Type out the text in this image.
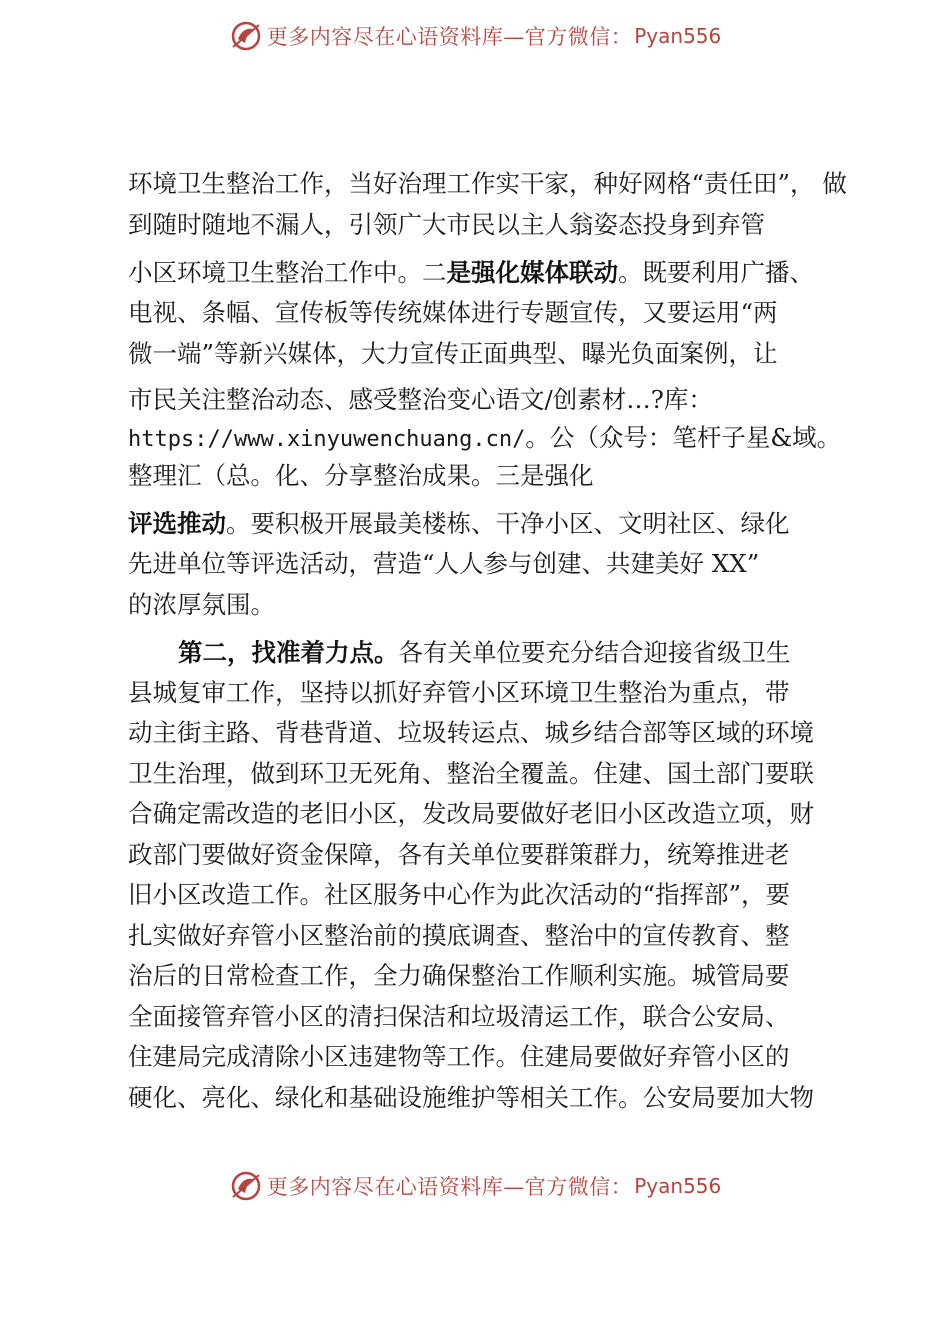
更多内容尽在心语资料库—官方微信： Pyan556
环境卫生整治工作，当好治理工作实干家，种好网格“责任田”， 做
到随时随地不漏人，引领广大市民以主人翁姿态投身到弃管
小区环境卫生整治工作中。二是强化媒体联动。既要利用广播、
电视、条幅、宣传板等传统媒体进行专题宣传，又要运用“两
微一端”等新兴媒体，大力宣传正面典型、曝光负面案例，让
市民关注整治动态、感受整治变心语文/创素材…?库：
https://www.xinyuwenchuang.cn/。公（众号：笔杆子星&域。
整理汇（总。化、分享整治成果。三是强化
评选推动。要积极开展最美楼栋、干净小区、文明社区、绿化
先进单位等评选活动，营造“人人参与创建、共建美好 XX”
的浓厚氛围。
第二，找准着力点。各有关单位要充分结合迎接省级卫生
县城复审工作，坚持以抓好弃管小区环境卫生整治为重点，带
动主街主路、背巷背道、垃圾转运点、城乡结合部等区域的环境
卫生治理，做到环卫无死角、整治全覆盖。住建、国土部门要联
合确定需改造的老旧小区，发改局要做好老旧小区改造立项，财
政部门要做好资金保障，各有关单位要群策群力，统筹推进老
旧小区改造工作。社区服务中心作为此次活动的“指挥部”，要
扎实做好弃管小区整治前的摸底调查、整治中的宣传教育、整
治后的日常检查工作，全力确保整治工作顺利实施。城管局要
全面接管弃管小区的清扫保洁和垃圾清运工作，联合公安局、
住建局完成清除小区违建物等工作。住建局要做好弃管小区的
硬化、亮化、绿化和基础设施维护等相关工作。公安局要加大物
更多内容尽在心语资料库—官方微信： Pyan556
